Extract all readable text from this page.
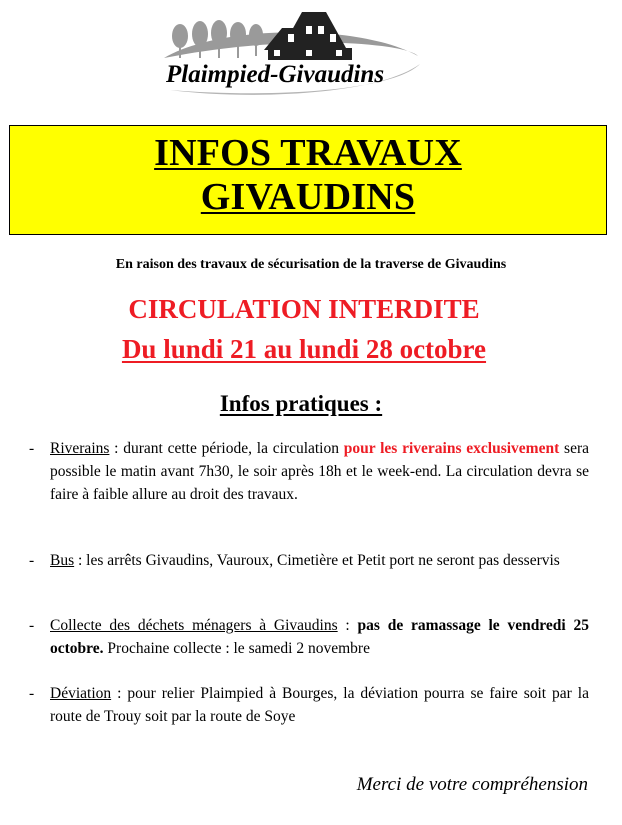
Plaimpied-Givaudins
INFOS TRAVAUX
GIVAUDINS
En raison des travaux de sécurisation de la traverse de Givaudins
CIRCULATION INTERDITE
Du lundi 21 au lundi 28 octobre
Infos pratiques :
- Riverains : durant cette période, la circulation pour les riverains exclusivement sera possible le matin avant 7h30, le soir après 18h et le week-end. La circulation devra se faire à faible allure au droit des travaux.
- Bus : les arrêts Givaudins, Vauroux, Cimetière et Petit port ne seront pas desservis
- Collecte des déchets ménagers à Givaudins : pas de ramassage le vendredi 25 octobre. Prochaine collecte : le samedi 2 novembre
- Déviation : pour relier Plaimpied à Bourges, la déviation pourra se faire soit par la route de Trouy soit par la route de Soye
Merci de votre compréhension
